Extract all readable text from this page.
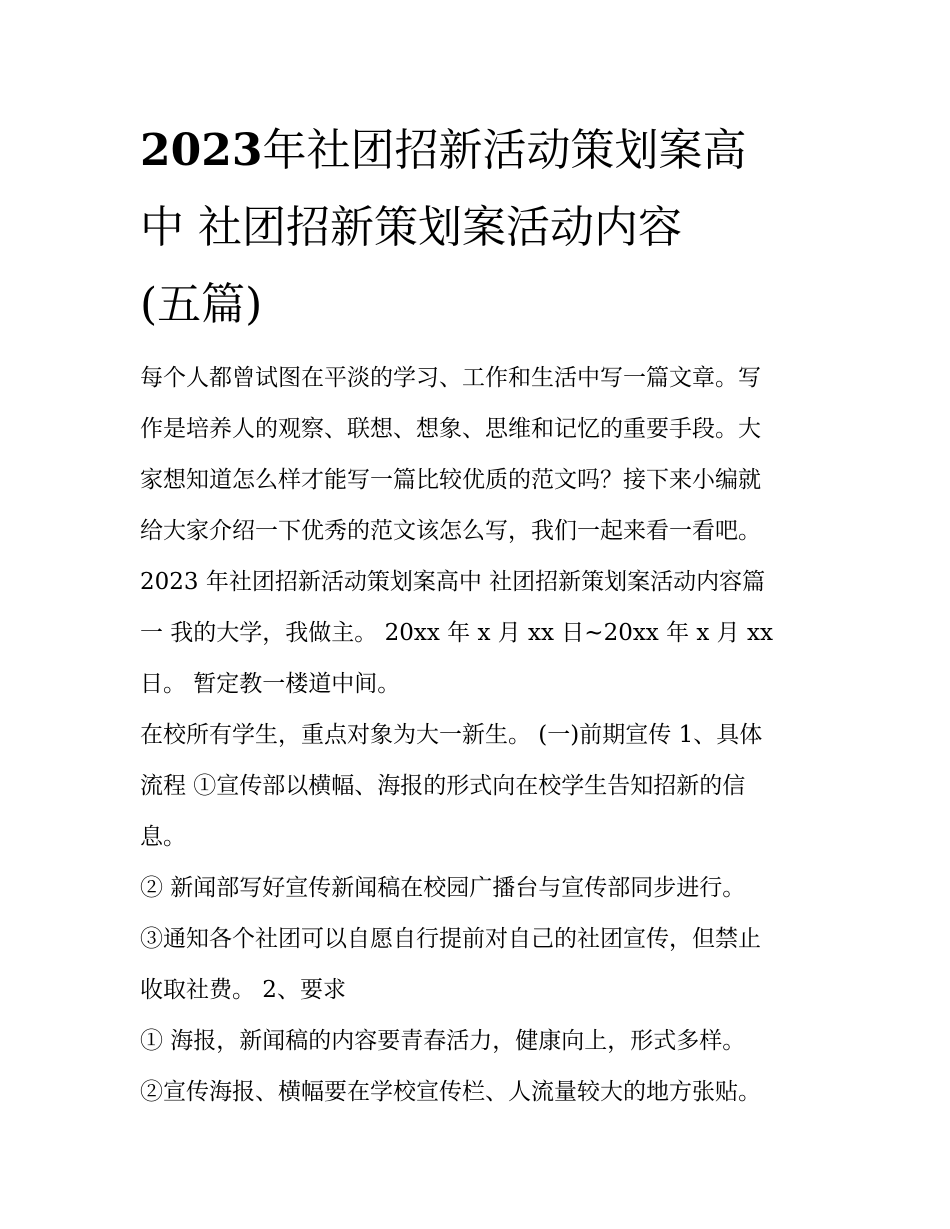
2023年社团招新活动策划案高
中 社团招新策划案活动内容
(五篇)
每个人都曾试图在平淡的学习、工作和生活中写一篇文章。写
作是培养人的观察、联想、想象、思维和记忆的重要手段。大
家想知道怎么样才能写一篇比较优质的范文吗？接下来小编就
给大家介绍一下优秀的范文该怎么写，我们一起来看一看吧。
2023 年社团招新活动策划案高中 社团招新策划案活动内容篇
一 我的大学，我做主。 20xx 年 x 月 xx 日~20xx 年 x 月 xx
日。 暂定教一楼道中间。
在校所有学生，重点对象为大一新生。 (一)前期宣传 1、具体
流程 ①宣传部以横幅、海报的形式向在校学生告知招新的信
息。
② 新闻部写好宣传新闻稿在校园广播台与宣传部同步进行。
③通知各个社团可以自愿自行提前对自己的社团宣传，但禁止
收取社费。 2、要求
① 海报，新闻稿的内容要青春活力，健康向上，形式多样。
②宣传海报、横幅要在学校宣传栏、人流量较大的地方张贴。
